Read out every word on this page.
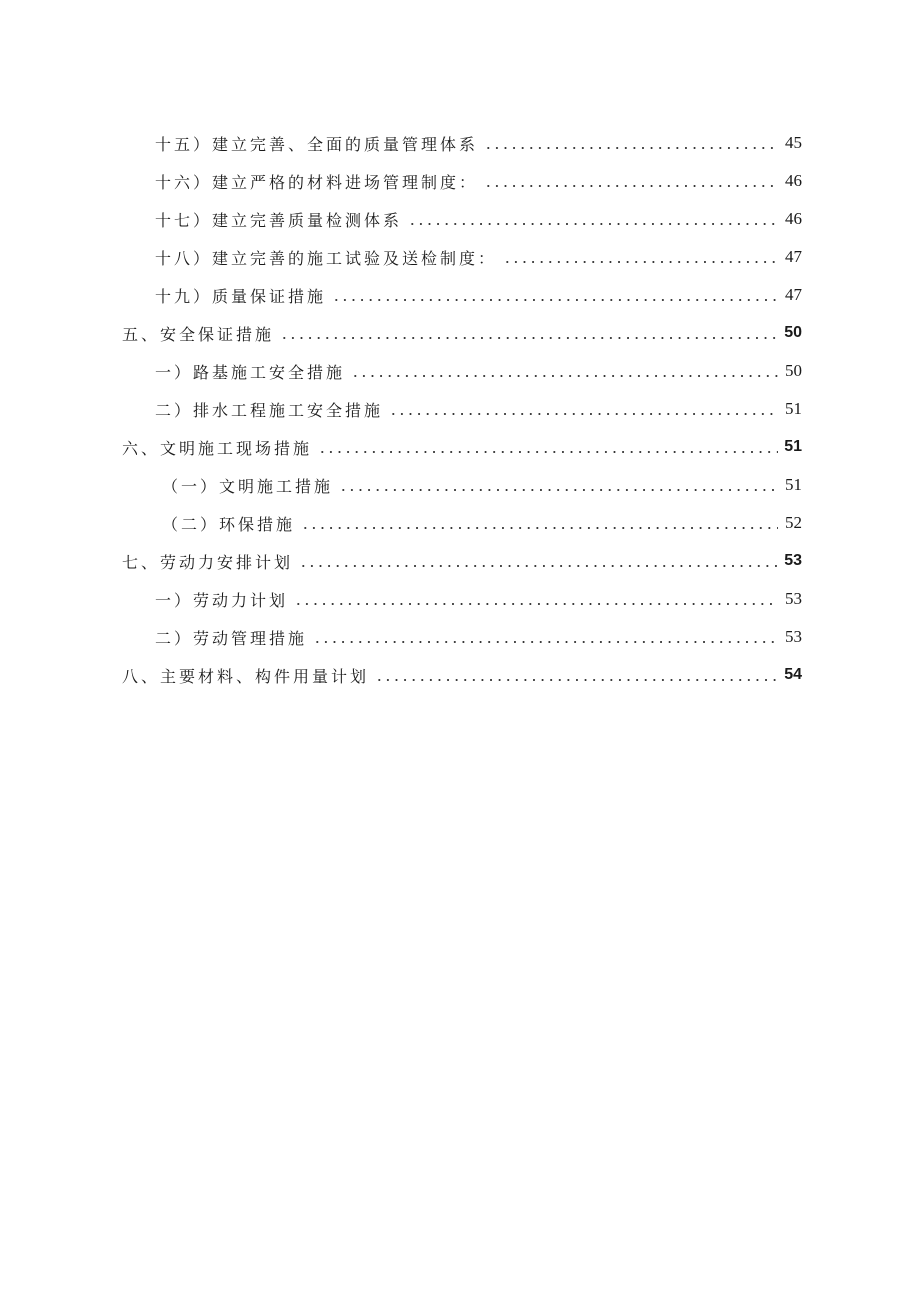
十五）建立完善、全面的质量管理体系	45
十六）建立严格的材料进场管理制度：	46
十七）建立完善质量检测体系	46
十八）建立完善的施工试验及送检制度：	47
十九）质量保证措施	47
五、安全保证措施	50
一）路基施工安全措施	50
二）排水工程施工安全措施	51
六、文明施工现场措施	51
（一）文明施工措施	51
（二）环保措施	52
七、劳动力安排计划	53
一）劳动力计划	53
二）劳动管理措施	53
八、主要材料、构件用量计划	54
